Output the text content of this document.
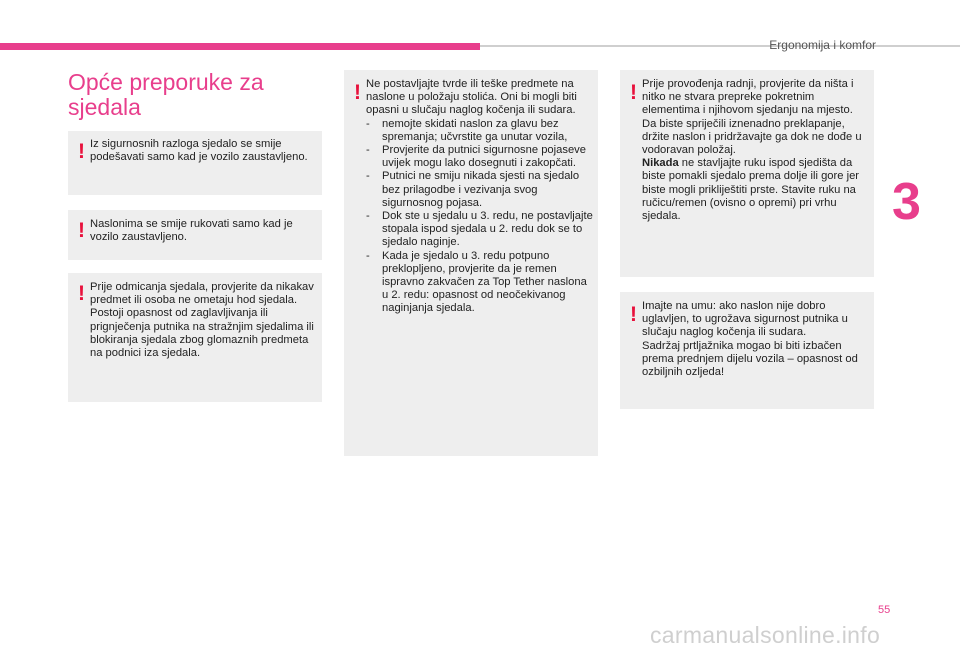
Ergonomija i komfor
3
Opće preporuke za sjedala
! Iz sigurnosnih razloga sjedalo se smije podešavati samo kad je vozilo zaustavljeno.
! Naslonima se smije rukovati samo kad je vozilo zaustavljeno.
! Prije odmicanja sjedala, provjerite da nikakav predmet ili osoba ne ometaju hod sjedala.
Postoji opasnost od zaglavljivanja ili prignječenja putnika na stražnjim sjedalima ili blokiranja sjedala zbog glomaznih predmeta na podnici iza sjedala.
! Ne postavljajte tvrde ili teške predmete na naslone u položaju stolića. Oni bi mogli biti opasni u slučaju naglog kočenja ili sudara.

- nemojte skidati naslon za glavu bez spremanja; učvrstite ga unutar vozila,
- Provjerite da putnici sigurnosne pojaseve uvijek mogu lako dosegnuti i zakopčati.
- Putnici ne smiju nikada sjesti na sjedalo bez prilagodbe i vezivanja svog sigurnosnog pojasa.
- Dok ste u sjedalu u 3. redu, ne postavljajte stopala ispod sjedala u 2. redu dok se to sjedalo naginje.
- Kada je sjedalo u 3. redu potpuno preklopljeno, provjerite da je remen ispravno zakvačen za Top Tether naslona u 2. redu: opasnost od neočekivanog naginjanja sjedala.
! Prije provođenja radnji, provjerite da ništa i nitko ne stvara prepreke pokretnim elementima i njihovom sjedanju na mjesto. Da biste spriječili iznenadno preklapanje, držite naslon i pridržavajte ga dok ne dođe u vodoravan položaj.

Nikada ne stavljajte ruku ispod sjedišta da biste pomakli sjedalo prema dolje ili gore jer biste mogli prikliještiti prste. Stavite ruku na ručicu/remen (ovisno o opremi) pri vrhu sjedala.

! Imajte na umu: ako naslon nije dobro uglavljen, to ugrožava sigurnost putnika u slučaju naglog kočenja ili sudara.
Sadržaj prtljažnika mogao bi biti izbačen prema prednjem dijelu vozila – opasnost od ozbiljnih ozljeda!
55
carmanualsonline.info
